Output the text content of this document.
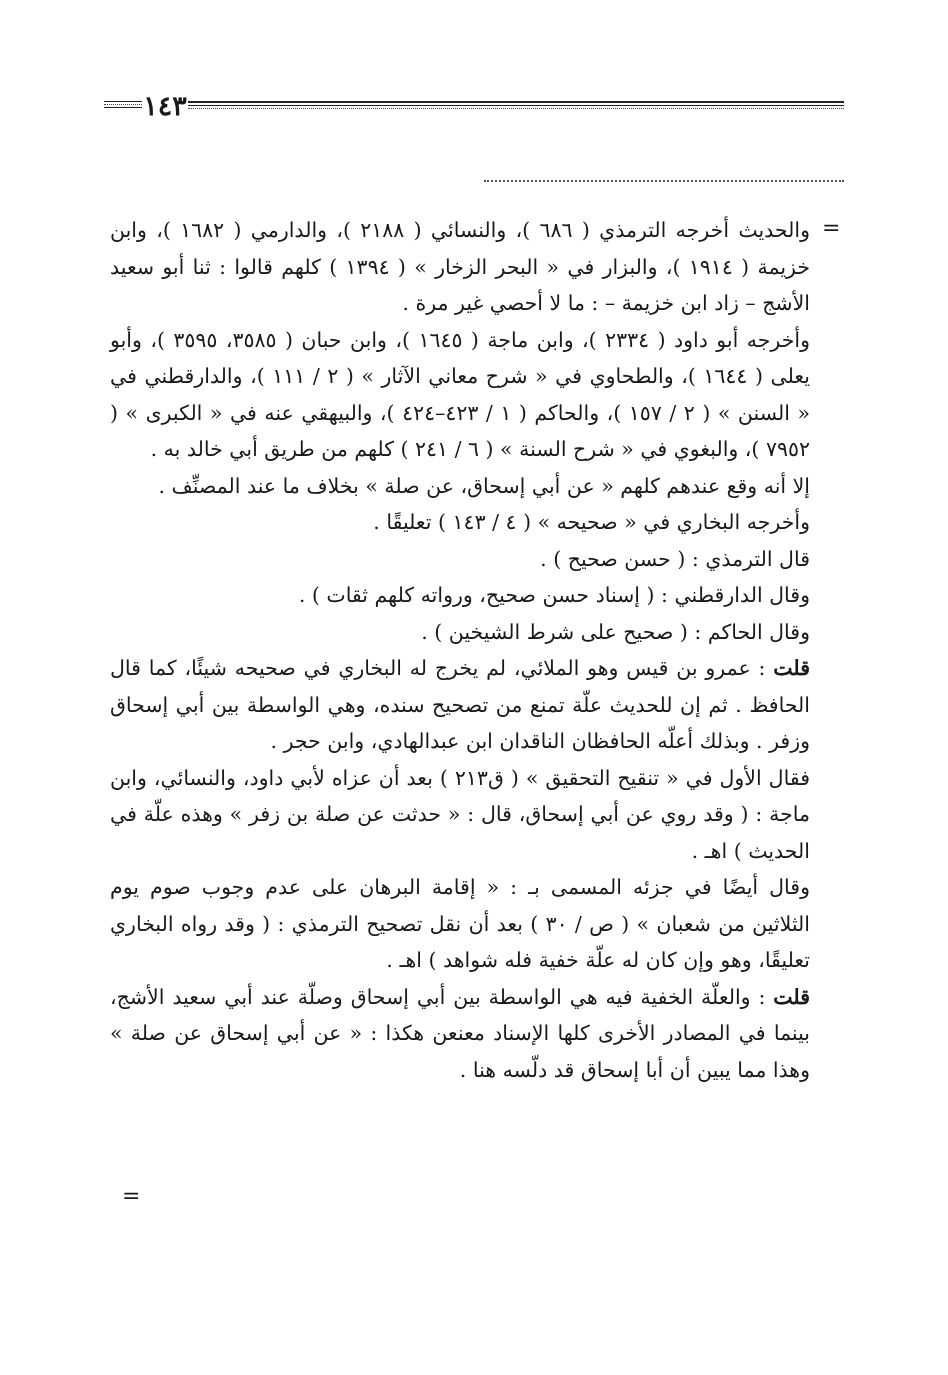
١٤٣
=
=

والحديث أخرجه الترمذي ( ٦٨٦ )، والنسائي ( ٢١٨٨ )، والدارمي ( ١٦٨٢ )، وابن خزيمة ( ١٩١٤ )، والبزار في « البحر الزخار » ( ١٣٩٤ ) كلهم قالوا : ثنا أبو سعيد الأشج – زاد ابن خزيمة – : ما لا أحصي غير مرة .

وأخرجه أبو داود ( ٢٣٣٤ )، وابن ماجة ( ١٦٤٥ )، وابن حبان ( ٣٥٨٥، ٣٥٩٥ )، وأبو يعلى ( ١٦٤٤ )، والطحاوي في « شرح معاني الآثار » ( ٢ / ١١١ )، والدارقطني في « السنن » ( ٢ / ١٥٧ )، والحاكم ( ١ / ٤٢٣–٤٢٤ )، والبيهقي عنه في « الكبرى » ( ٧٩٥٢ )، والبغوي في « شرح السنة » ( ٦ / ٢٤١ ) كلهم من طريق أبي خالد به .

إلا أنه وقع عندهم كلهم « عن أبي إسحاق، عن صلة » بخلاف ما عند المصنِّف .

وأخرجه البخاري في « صحيحه » ( ٤ / ١٤٣ ) تعليقًا .

قال الترمذي : ( حسن صحيح ) .

وقال الدارقطني : ( إسناد حسن صحيح، ورواته كلهم ثقات ) .

وقال الحاكم : ( صحيح على شرط الشيخين ) .

قلت : عمرو بن قيس وهو الملائي، لم يخرج له البخاري في صحيحه شيئًا، كما قال الحافظ . ثم إن للحديث علّة تمنع من تصحيح سنده، وهي الواسطة بين أبي إسحاق وزفر . وبذلك أعلّه الحافظان الناقدان ابن عبدالهادي، وابن حجر .

فقال الأول في « تنقيح التحقيق » ( ق٢١٣ ) بعد أن عزاه لأبي داود، والنسائي، وابن ماجة : ( وقد روي عن أبي إسحاق، قال : « حدثت عن صلة بن زفر » وهذه علّة في الحديث ) اهـ .

وقال أيضًا في جزئه المسمى بـ : « إقامة البرهان على عدم وجوب صوم يوم الثلاثين من شعبان » ( ص / ٣٠ ) بعد أن نقل تصحيح الترمذي : ( وقد رواه البخاري تعليقًا، وهو وإن كان له علّة خفية فله شواهد ) اهـ .

قلت : والعلّة الخفية فيه هي الواسطة بين أبي إسحاق وصلّة عند أبي سعيد الأشج، بينما في المصادر الأخرى كلها الإسناد معنعن هكذا : « عن أبي إسحاق عن صلة » وهذا مما يبين أن أبا إسحاق قد دلّسه هنا .
